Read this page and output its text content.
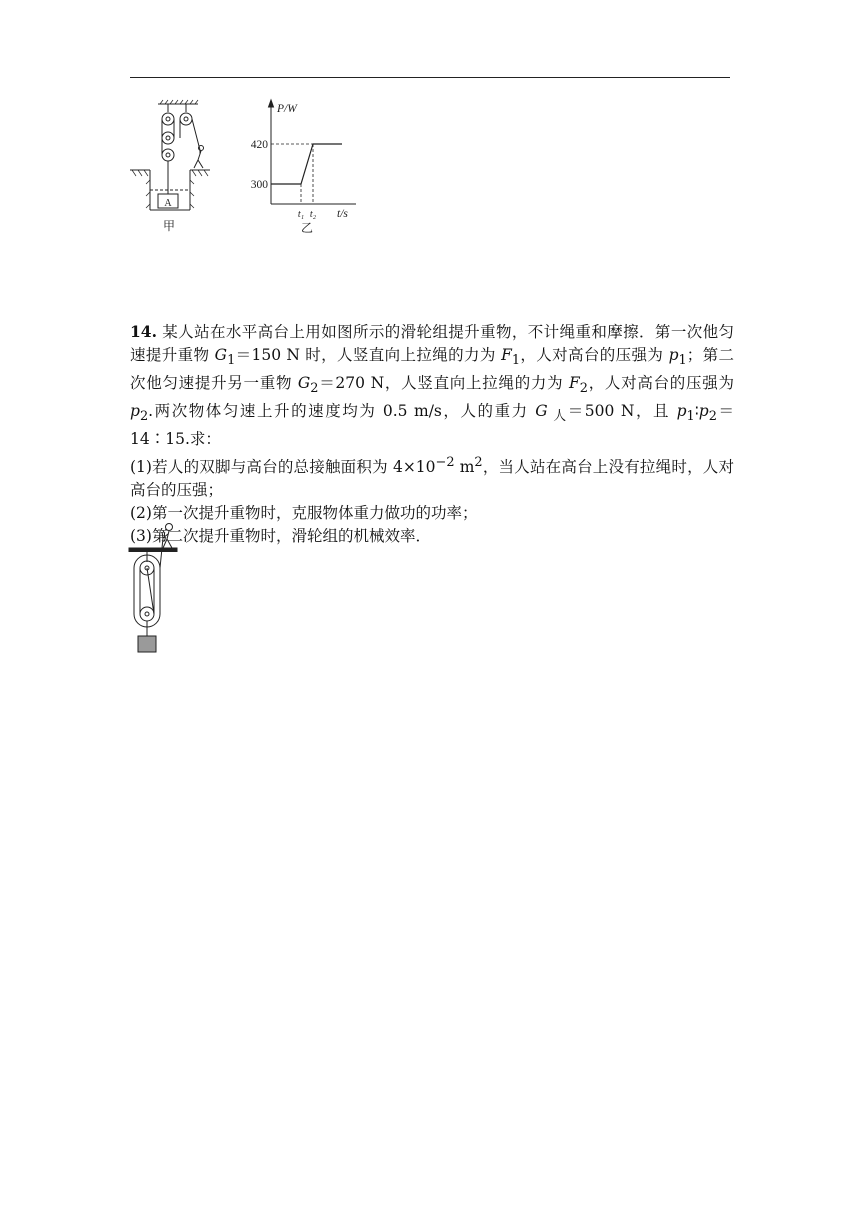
A
甲
P/W
t/s
300
420
t₁ t₂
乙

14. 某人站在水平高台上用如图所示的滑轮组提升重物，不计绳重和摩擦．第一次他匀速提升重物 $G_1=150$ N 时，人竖直向上拉绳的力为 $F_1$，人对高台的压强为 $p_1$；第二次他匀速提升另一重物 $G_2=270$ N，人竖直向上拉绳的力为 $F_2$，人对高台的压强为 $p_2$.两次物体匀速上升的速度均为 0.5 m/s，人的重力 G $_人$＝500 N，且 $p_1∶p_2=14∶15$.求：

(1)若人的双脚与高台的总接触面积为 $4\times 10^{-2}$ $m^2$，当人站在高台上没有拉绳时，人对高台的压强；

(2)第一次提升重物时，克服物体重力做功的功率；

(3)第二次提升重物时，滑轮组的机械效率．
